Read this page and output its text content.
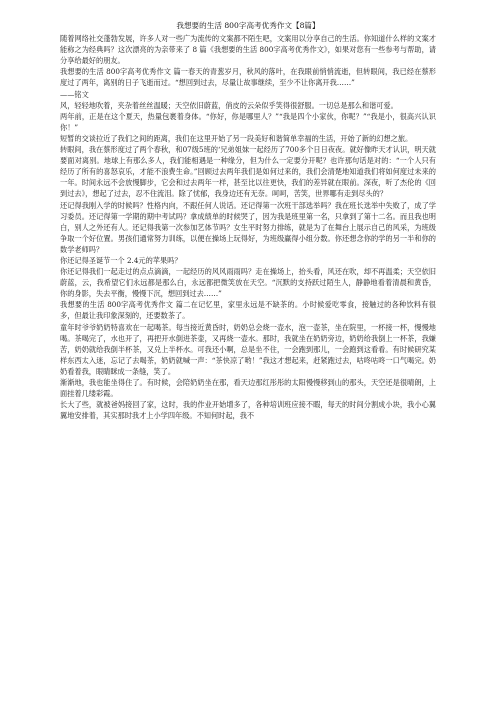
我想要的生活 800字高考优秀作文【8篇】

随着网络社交蓬勃发展，许多人对一些广为流传的文案都不陌生吧，文案用以分享自己的生活。你知道什么样的文案才能称之为经典吗？这次漂亮的为亲带来了 8 篇《我想要的生活 800字高考优秀作文》，如果对您有一些参考与帮助，请分享给最好的朋友。

我想要的生活 800字高考优秀作文 篇一春天的青葱岁月，秋风的落叶，在我眼前悄悄流逝，但转眼间，我已经在蔡形度过了两年，离别的日子飞逝而过。“想回到过去，尽量让故事继续，至少不让你离开我……”

——铭文

风，轻轻地吹着，夹杂着丝丝温暖；天空依旧蔚蓝，俏皮的云朵似乎笑得很舒服。一切总是那么和谐可爱。

两年前，正是在这个夏天，热量包裹着身体。“你好，你是哪里人？”“我是四个小家伙，你呢？”“我是小，很高兴认识你！”

短暂的交谈拉近了我们之间的距离，我们在这里开始了另一段美好和谐简单幸福的生活，开始了新的幻想之旅。

转眼间，我在蔡形度过了两个春秋，和07级5班的‘兄弟姐妹一起经历了700多个日日夜夜。就好像昨天才认识，明天就要面对离别。地球上有那么多人，我们能相遇是一种缘分，但为什么一定要分开呢？也许那句话是对的：“一个人只有经历了所有的喜怒哀乐，才能不浪费生命。”回顾过去两年我们是如何过来的，我们会清楚地知道我们将如何度过未来的一年。时间永远不会放慢脚步，它会和过去两年一样，甚至比以往更快，我们的差异就在眼前。深夜，听了杰伦的《回到过去》，想起了过去，忍不住流泪。除了忧郁，我身边还有无奈。呵呵，苦笑，世界哪有走到尽头的？

还记得我刚入学的时候吗？性格内向，不跟任何人说话。还记得第一次班干部选举吗？我在班长选举中失败了，成了学习委员。还记得第一学期的期中考试吗？拿成绩单的时候哭了，因为我是班里第一名，只拿到了第十二名。而且我也明白，别人之外还有人。还记得我第一次参加艺体节吗？女生平时努力排练，就是为了在舞台上展示自己的风采，为班级争取一个好位置。男孩们通常努力训练，以便在操场上玩得好，为班级赢得小组分数。你还想念你的学的另一半和你的数学老师吗？

你还记得圣诞节一个 2.4元的苹果吗？

你还记得我们一起走过的点点滴滴，一起经历的风风雨雨吗？走在操场上，抬头看，风还在吹，却不再温柔；天空依旧蔚蓝，云，我希望它们永远都是那么白，永远都把微笑放在天空。“沉默的支持跃过陌生人，静静地看着清晨和黄昏，你的身影，失去平衡，慢慢下沉，想回到过去……”

我想要的生活 800字高考优秀作文 篇二在记忆里，家里永远是不缺茶的。小时候爱吃零食，接触过的各种饮料有很多，但最让我印象深刻的，还要数茶了。

童年时爷爷奶奶特喜欢在一起喝茶。每当接近黄昏时，奶奶总会烧一壶水，泡一壶茶，坐在院里，一杯接一杯，慢慢地喝。茶喝完了，水也开了，再把开水倒进茶壶，又再烧一壶水。那时，我就坐在奶奶旁边，奶奶给我倒上一杯茶，我嫌苦，奶奶就给我倒半杯茶，又兑上半杯水。可我还小啊，总是坐不住，一会跑到那儿，一会跑到这看看。有时候研究某样东西太入迷，忘记了去喝茶，奶奶就喊一声：“茶快凉了哟！”我这才想起来，赶紧跑过去，咕咚咕咚一口气喝完。奶奶看着我，眼睛眯成一条缝，笑了。

渐渐地，我也能坐得住了。有时候，会陪奶奶坐在那，看天边那红彤彤的太阳慢慢移到山的那头，天空还是很晴朗，上面挂着几缕彩霞。

长大了些，就被爸妈接回了家，这时，我的作业开始增多了，各种培训班应接不暇，每天的时间分割成小块，我小心翼翼地安排着，其实那时我才上小学四年级。不知何时起，我不
